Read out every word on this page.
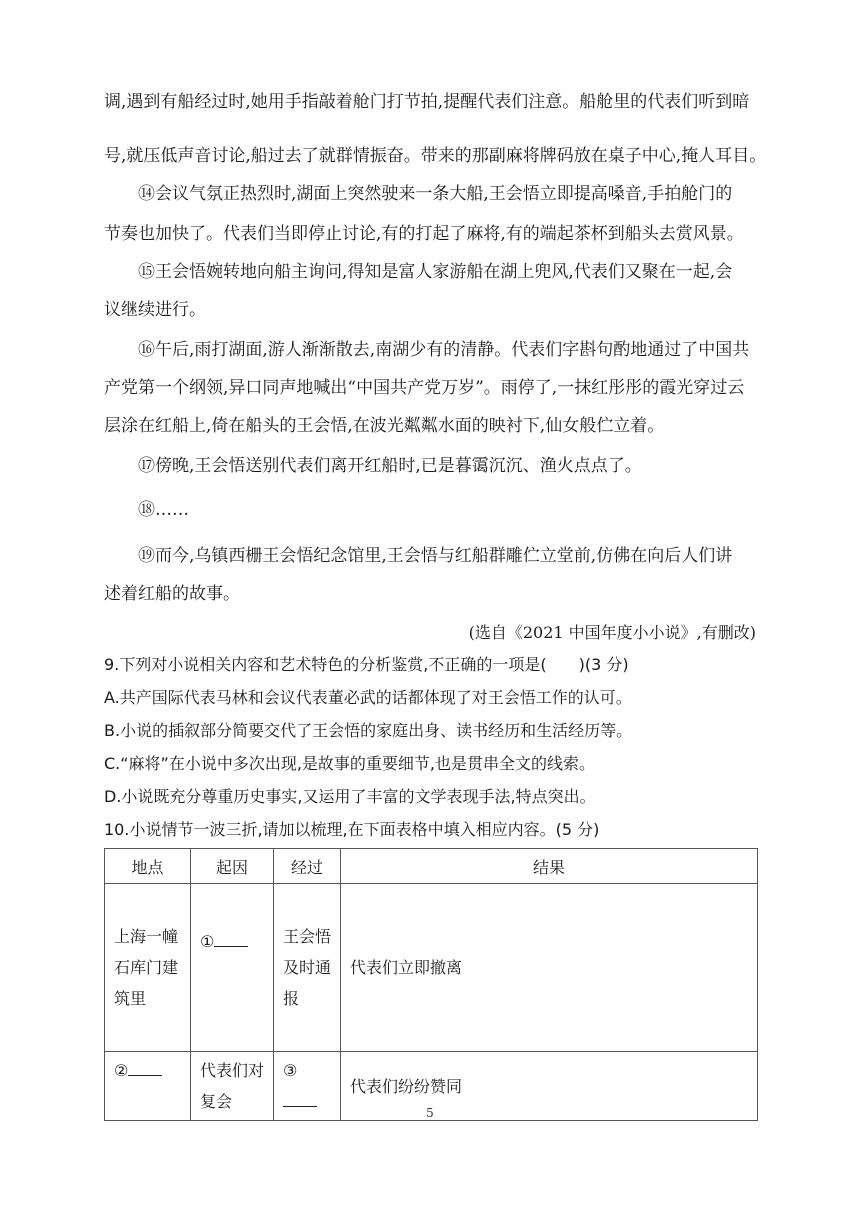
调,遇到有船经过时,她用手指敲着舱门打节拍,提醒代表们注意。船舱里的代表们听到暗
号,就压低声音讨论,船过去了就群情振奋。带来的那副麻将牌码放在桌子中心,掩人耳目。
⑭会议气氛正热烈时,湖面上突然驶来一条大船,王会悟立即提高嗓音,手拍舱门的
节奏也加快了。代表们当即停止讨论,有的打起了麻将,有的端起茶杯到船头去赏风景。
⑮王会悟婉转地向船主询问,得知是富人家游船在湖上兜风,代表们又聚在一起,会
议继续进行。
⑯午后,雨打湖面,游人渐渐散去,南湖少有的清静。代表们字斟句酌地通过了中国共
产党第一个纲领,异口同声地喊出“中国共产党万岁”。雨停了,一抹红彤彤的霞光穿过云
层涂在红船上,倚在船头的王会悟,在波光粼粼水面的映衬下,仙女般伫立着。
⑰傍晚,王会悟送别代表们离开红船时,已是暮霭沉沉、渔火点点了。
⑱……
⑲而今,乌镇西栅王会悟纪念馆里,王会悟与红船群雕伫立堂前,仿佛在向后人们讲
述着红船的故事。
(选自《2021 中国年度小小说》,有删改)
9.下列对小说相关内容和艺术特色的分析鉴赏,不正确的一项是(　　)(3 分)
A.共产国际代表马林和会议代表董必武的话都体现了对王会悟工作的认可。
B.小说的插叙部分简要交代了王会悟的家庭出身、读书经历和生活经历等。
C.“麻将”在小说中多次出现,是故事的重要细节,也是贯串全文的线索。
D.小说既充分尊重历史事实,又运用了丰富的文学表现手法,特点突出。
10.小说情节一波三折,请加以梳理,在下面表格中填入相应内容。(5 分)
地点	起因	经过	结果

上海一幢石库门建筑里	①	王会悟及时通报	代表们立即撤离

②	代表们对复会	③	代表们纷纷赞同
5
